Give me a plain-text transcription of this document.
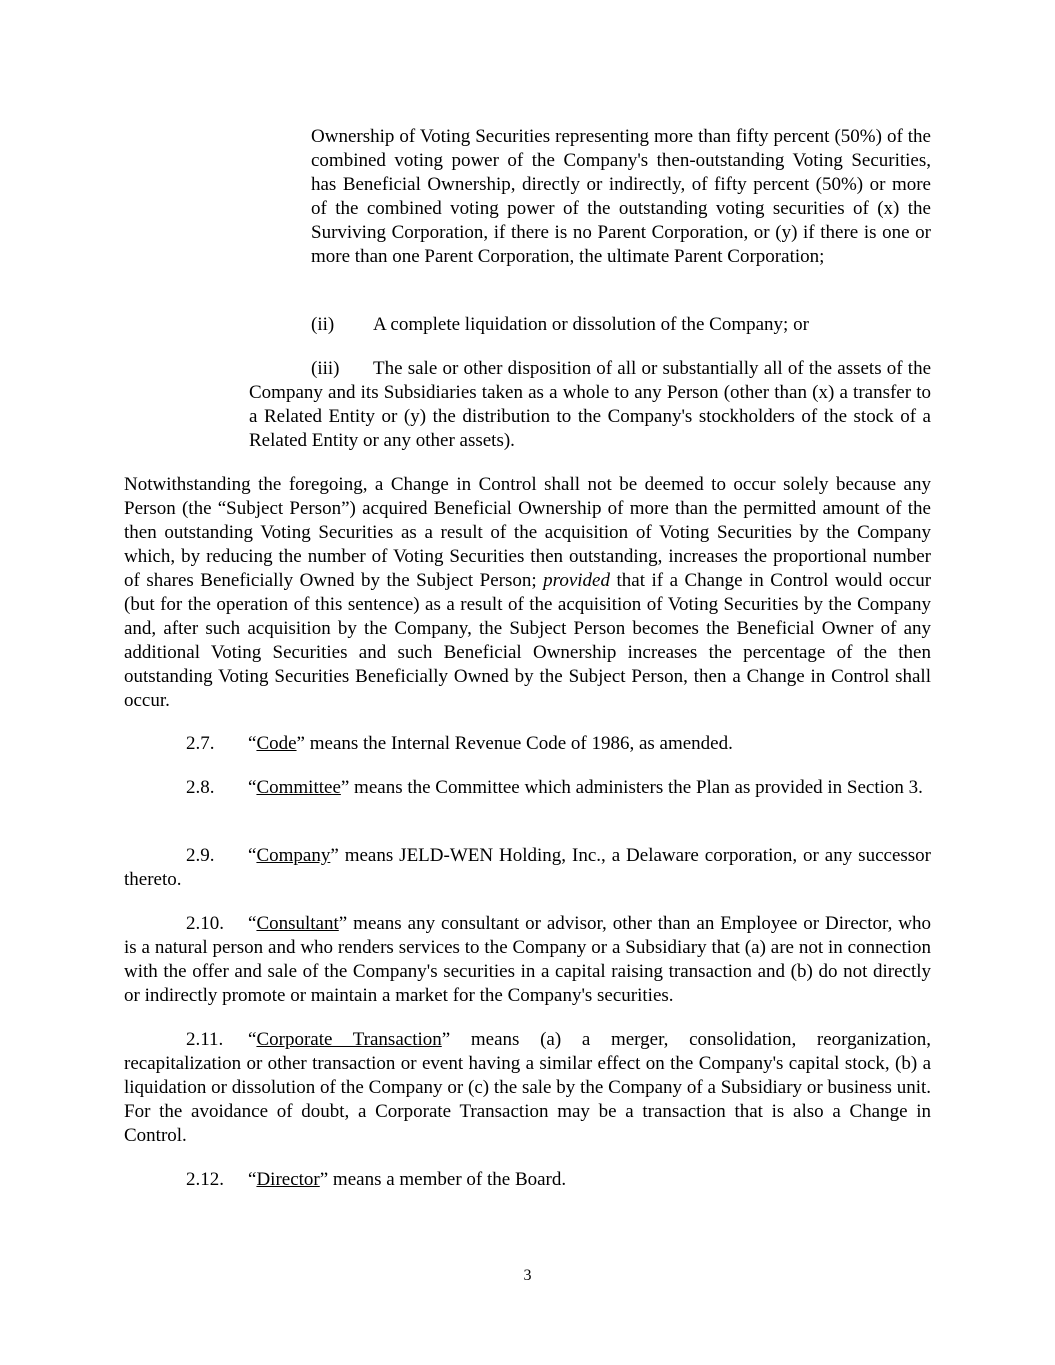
Ownership of Voting Securities representing more than fifty percent (50%) of the combined voting power of the Company's then-outstanding Voting Securities, has Beneficial Ownership, directly or indirectly, of fifty percent (50%) or more of the combined voting power of the outstanding voting securities of (x) the Surviving Corporation, if there is no Parent Corporation, or (y) if there is one or more than one Parent Corporation, the ultimate Parent Corporation;

(ii) A complete liquidation or dissolution of the Company; or

(iii) The sale or other disposition of all or substantially all of the assets of the Company and its Subsidiaries taken as a whole to any Person (other than (x) a transfer to a Related Entity or (y) the distribution to the Company's stockholders of the stock of a Related Entity or any other assets).

Notwithstanding the foregoing, a Change in Control shall not be deemed to occur solely because any Person (the “Subject Person”) acquired Beneficial Ownership of more than the permitted amount of the then outstanding Voting Securities as a result of the acquisition of Voting Securities by the Company which, by reducing the number of Voting Securities then outstanding, increases the proportional number of shares Beneficially Owned by the Subject Person; provided that if a Change in Control would occur (but for the operation of this sentence) as a result of the acquisition of Voting Securities by the Company and, after such acquisition by the Company, the Subject Person becomes the Beneficial Owner of any additional Voting Securities and such Beneficial Ownership increases the percentage of the then outstanding Voting Securities Beneficially Owned by the Subject Person, then a Change in Control shall occur.

2.7. “Code” means the Internal Revenue Code of 1986, as amended.

2.8. “Committee” means the Committee which administers the Plan as provided in Section 3.

2.9. “Company” means JELD-WEN Holding, Inc., a Delaware corporation, or any successor thereto.

2.10. “Consultant” means any consultant or advisor, other than an Employee or Director, who is a natural person and who renders services to the Company or a Subsidiary that (a) are not in connection with the offer and sale of the Company's securities in a capital raising transaction and (b) do not directly or indirectly promote or maintain a market for the Company's securities.

2.11. “Corporate Transaction” means (a) a merger, consolidation, reorganization, recapitalization or other transaction or event having a similar effect on the Company's capital stock, (b) a liquidation or dissolution of the Company or (c) the sale by the Company of a Subsidiary or business unit. For the avoidance of doubt, a Corporate Transaction may be a transaction that is also a Change in Control.

2.12. “Director” means a member of the Board.

3
